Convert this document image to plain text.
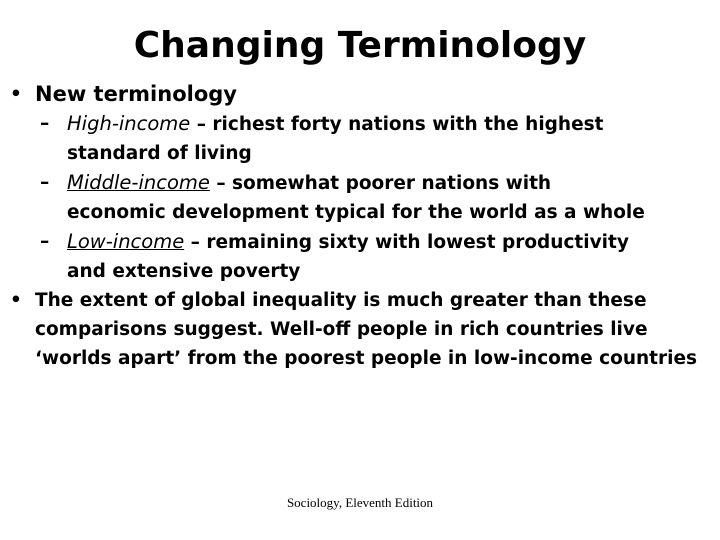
Changing Terminology
• New terminology
– High-income – richest forty nations with the highest
standard of living
– Middle-income – somewhat poorer nations with
economic development typical for the world as a whole
– Low-income – remaining sixty with lowest productivity
and extensive poverty
• The extent of global inequality is much greater than these comparisons suggest. Well-off people in rich countries live ‘worlds apart’ from the poorest people in low-income countries
Sociology, Eleventh Edition
